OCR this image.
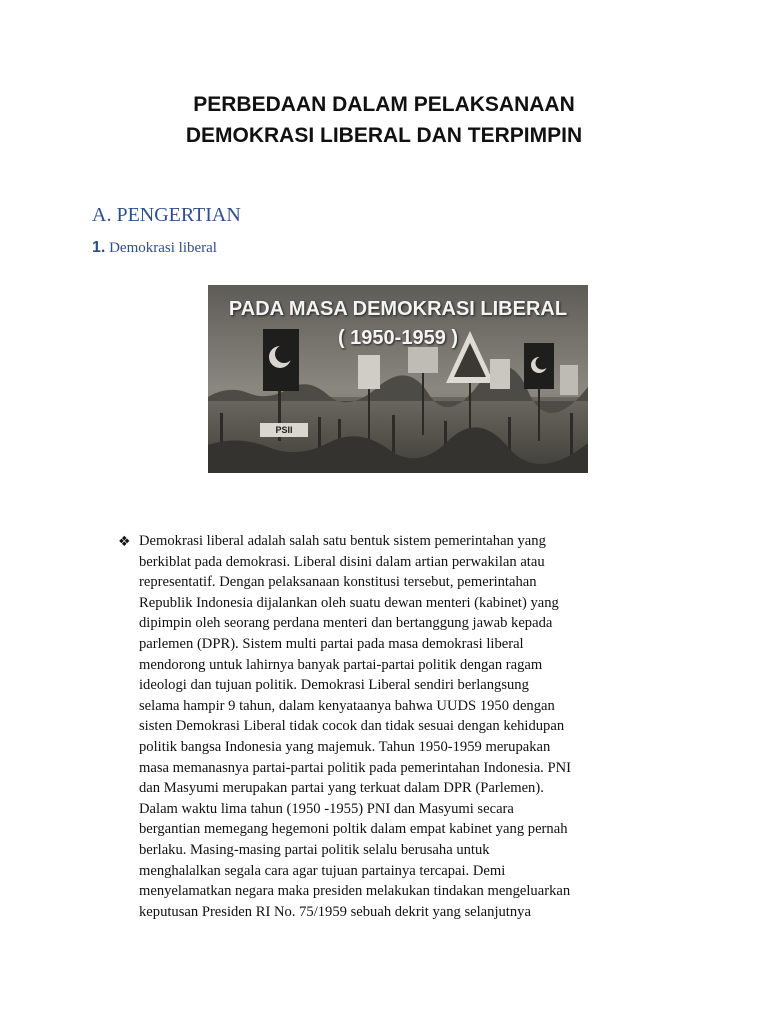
PERBEDAAN DALAM PELAKSANAAN
DEMOKRASI LIBERAL DAN TERPIMPIN
A. PENGERTIAN
1. Demokrasi liberal
PADA MASA DEMOKRASI LIBERAL
( 1950-1959 )
PSII
❖ Demokrasi liberal adalah salah satu bentuk sistem pemerintahan yang
berkiblat pada demokrasi. Liberal disini dalam artian perwakilan atau
representatif. Dengan pelaksanaan konstitusi tersebut, pemerintahan
Republik Indonesia dijalankan oleh suatu dewan menteri (kabinet) yang
dipimpin oleh seorang perdana menteri dan bertanggung jawab kepada
parlemen (DPR). Sistem multi partai pada masa demokrasi liberal
mendorong untuk lahirnya banyak partai-partai politik dengan ragam
ideologi dan tujuan politik. Demokrasi Liberal sendiri berlangsung
selama hampir 9 tahun, dalam kenyataanya bahwa UUDS 1950 dengan
sisten Demokrasi Liberal tidak cocok dan tidak sesuai dengan kehidupan
politik bangsa Indonesia yang majemuk. Tahun 1950-1959 merupakan
masa memanasnya partai-partai politik pada pemerintahan Indonesia. PNI
dan Masyumi merupakan partai yang terkuat dalam DPR (Parlemen).
Dalam waktu lima tahun (1950 -1955) PNI dan Masyumi secara
bergantian memegang hegemoni poltik dalam empat kabinet yang pernah
berlaku. Masing-masing partai politik selalu berusaha untuk
menghalalkan segala cara agar tujuan partainya tercapai. Demi
menyelamatkan negara maka presiden melakukan tindakan mengeluarkan
keputusan Presiden RI No. 75/1959 sebuah dekrit yang selanjutnya
